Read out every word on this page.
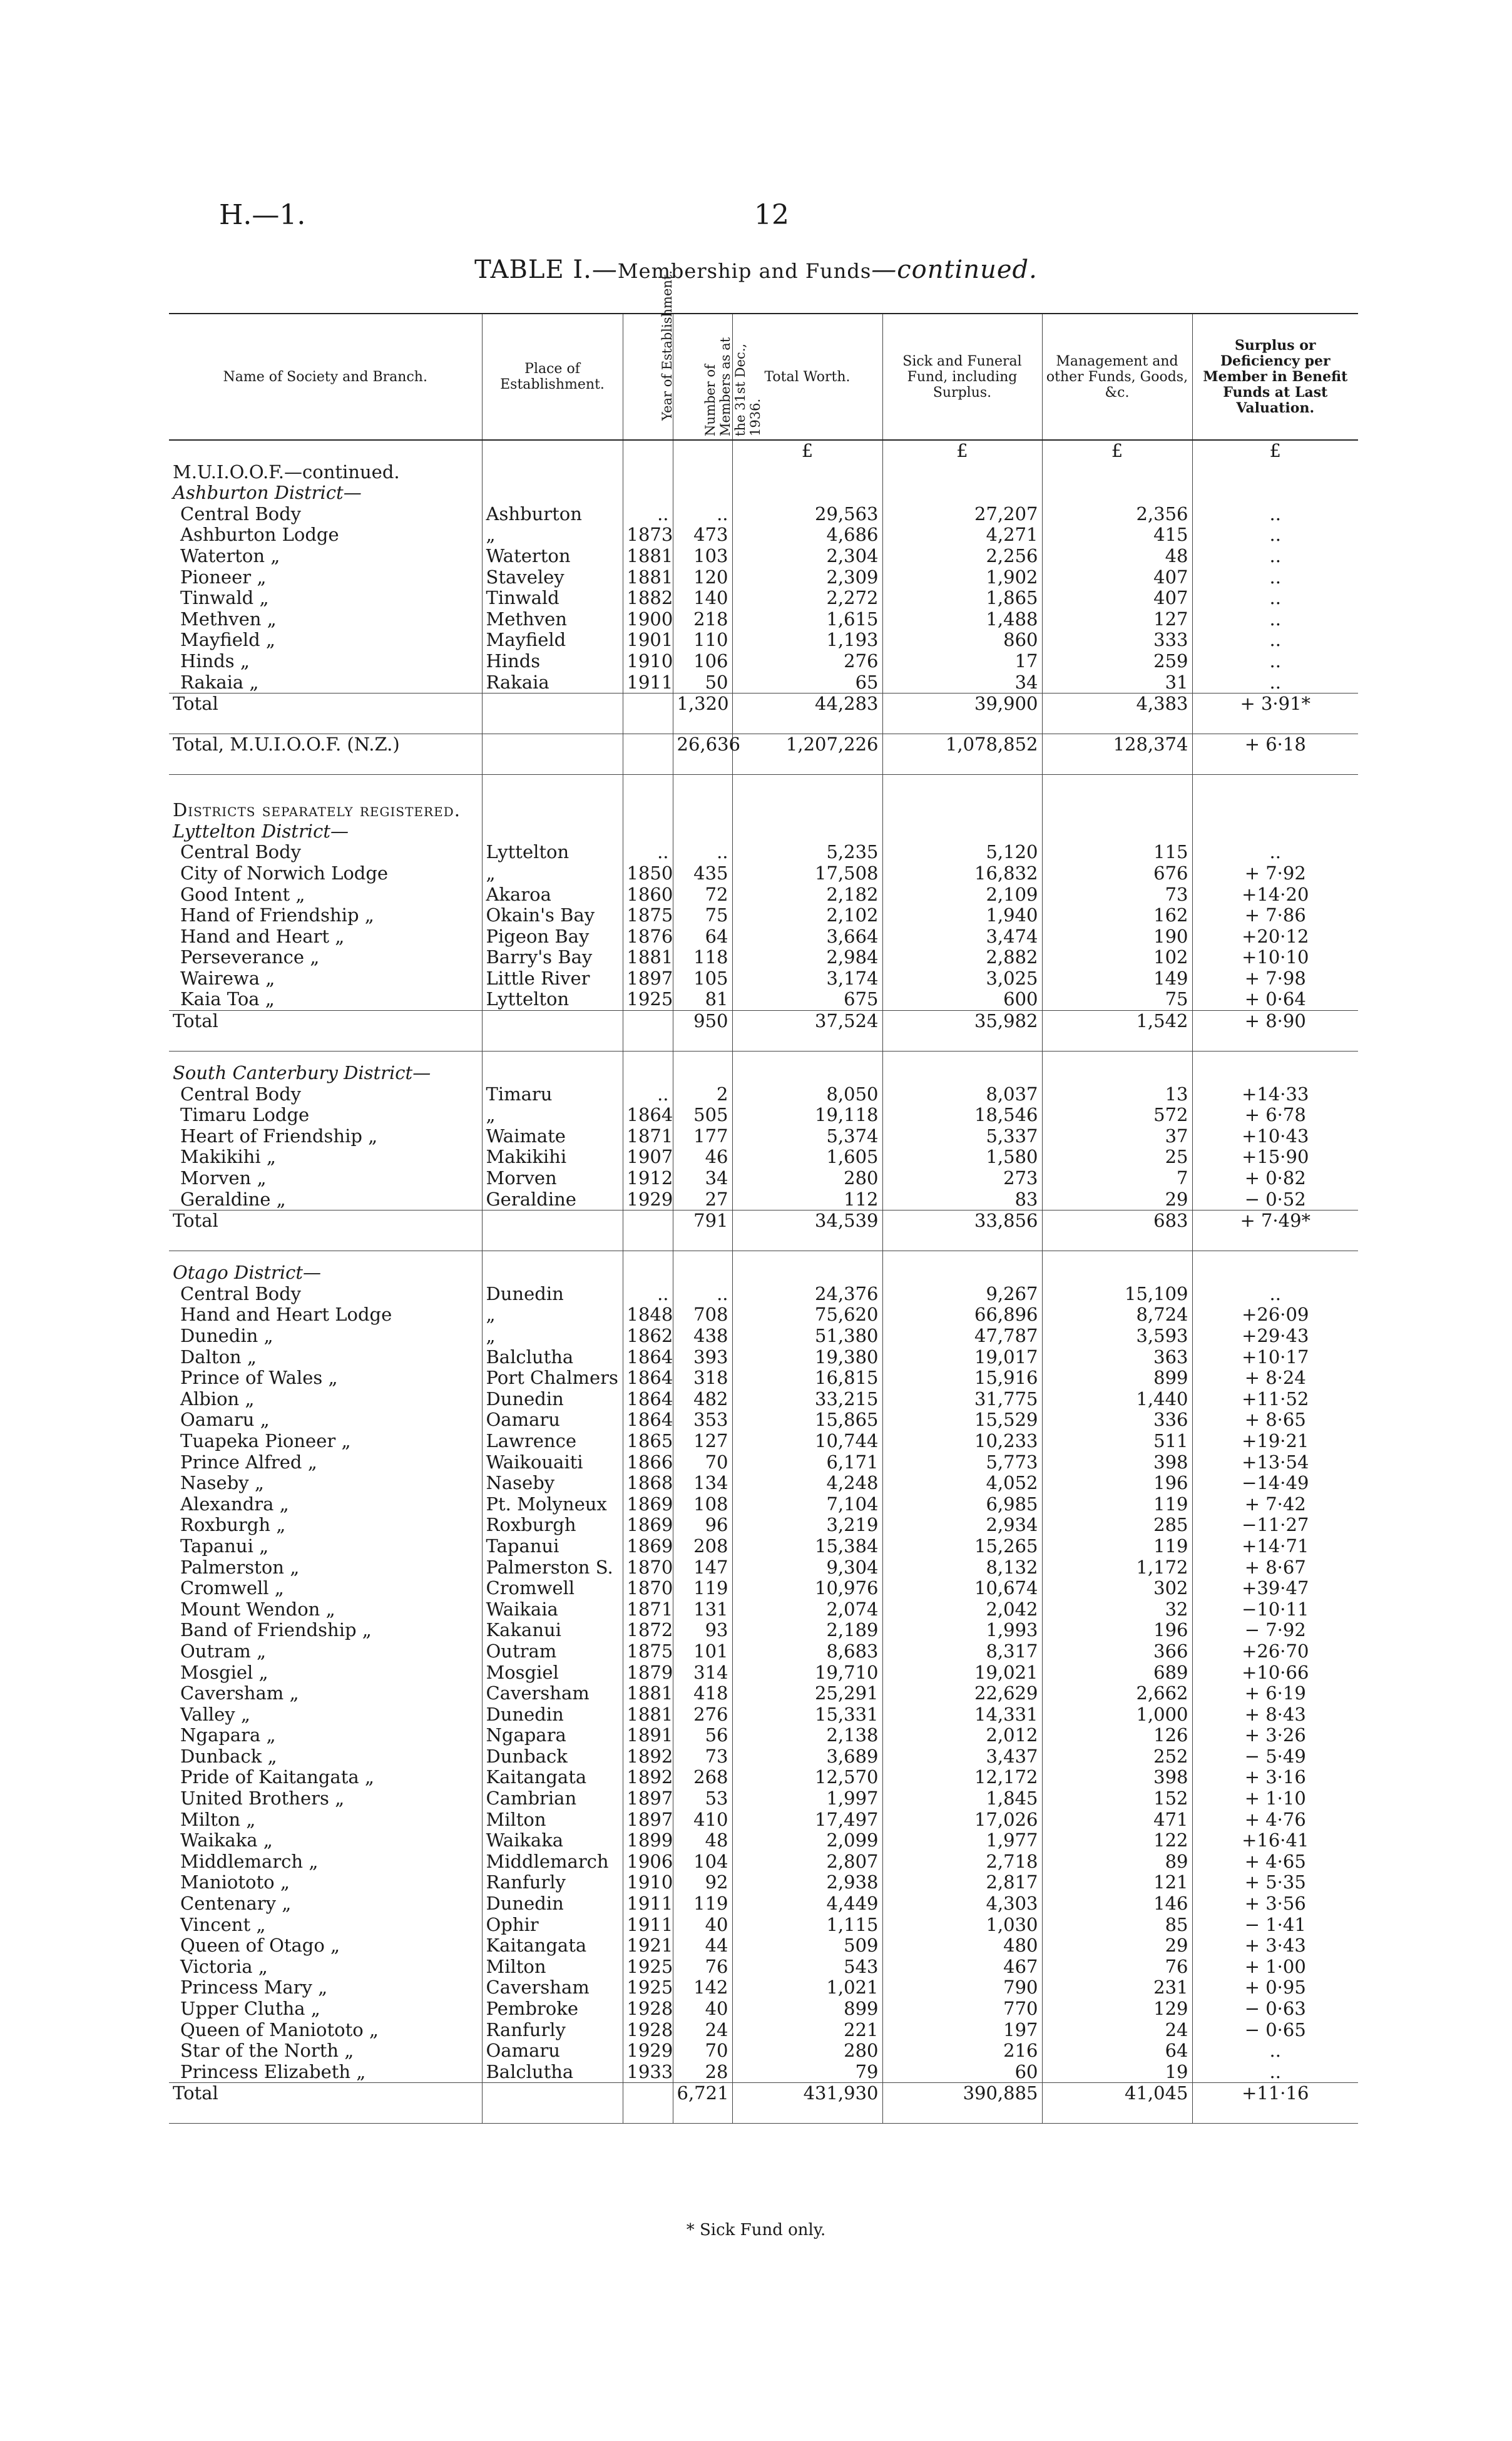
H.—1.	12
TABLE I.—Membership and Funds—continued.
Name of Society and Branch.	Place of Establishment.	Year of Establishment.	Number of Members as at the 31st Dec., 1936.	Total Worth.	Sick and Funeral Fund, including Surplus.	Management and other Funds, Goods, &c.	Surplus or Deficiency per Member in Benefit Funds at Last Valuation.
				£	£	£	£
M.U.I.O.O.F.—continued.							
Ashburton District—							
Central Body	Ashburton	..	..	29,563	27,207	2,356	..
Ashburton Lodge	„	1873	473	4,686	4,271	415	..
Waterton „	Waterton	1881	103	2,304	2,256	48	..
Pioneer „	Staveley	1881	120	2,309	1,902	407	..
Tinwald „	Tinwald	1882	140	2,272	1,865	407	..
Methven „	Methven	1900	218	1,615	1,488	127	..
Mayfield „	Mayfield	1901	110	1,193	860	333	..
Hinds „	Hinds	1910	106	276	17	259	..
Rakaia „	Rakaia	1911	50	65	34	31	..
Total			1,320	44,283	39,900	4,383	+ 3·91*
Total, M.U.I.O.O.F. (N.Z.)			26,636	1,207,226	1,078,852	128,374	+ 6·18

Districts separately registered.							
Lyttelton District—							
Central Body	Lyttelton	..	..	5,235	5,120	115	..
City of Norwich Lodge	„	1850	435	17,508	16,832	676	+ 7·92
Good Intent „	Akaroa	1860	72	2,182	2,109	73	+14·20
Hand of Friendship „	Okain's Bay	1875	75	2,102	1,940	162	+ 7·86
Hand and Heart „	Pigeon Bay	1876	64	3,664	3,474	190	+20·12
Perseverance „	Barry's Bay	1881	118	2,984	2,882	102	+10·10
Wairewa „	Little River	1897	105	3,174	3,025	149	+ 7·98
Kaia Toa „	Lyttelton	1925	81	675	600	75	+ 0·64
Total			950	37,524	35,982	1,542	+ 8·90

South Canterbury District—							
Central Body	Timaru	..	2	8,050	8,037	13	+14·33
Timaru Lodge	„	1864	505	19,118	18,546	572	+ 6·78
Heart of Friendship „	Waimate	1871	177	5,374	5,337	37	+10·43
Makikihi „	Makikihi	1907	46	1,605	1,580	25	+15·90
Morven „	Morven	1912	34	280	273	7	+ 0·82
Geraldine „	Geraldine	1929	27	112	83	29	− 0·52
Total			791	34,539	33,856	683	+ 7·49*

Otago District—							
Central Body	Dunedin	..	..	24,376	9,267	15,109	..
Hand and Heart Lodge	„	1848	708	75,620	66,896	8,724	+26·09
Dunedin „	„	1862	438	51,380	47,787	3,593	+29·43
Dalton „	Balclutha	1864	393	19,380	19,017	363	+10·17
Prince of Wales „	Port Chalmers	1864	318	16,815	15,916	899	+ 8·24
Albion „	Dunedin	1864	482	33,215	31,775	1,440	+11·52
Oamaru „	Oamaru	1864	353	15,865	15,529	336	+ 8·65
Tuapeka Pioneer „	Lawrence	1865	127	10,744	10,233	511	+19·21
Prince Alfred „	Waikouaiti	1866	70	6,171	5,773	398	+13·54
Naseby „	Naseby	1868	134	4,248	4,052	196	−14·49
Alexandra „	Pt. Molyneux	1869	108	7,104	6,985	119	+ 7·42
Roxburgh „	Roxburgh	1869	96	3,219	2,934	285	−11·27
Tapanui „	Tapanui	1869	208	15,384	15,265	119	+14·71
Palmerston „	Palmerston S.	1870	147	9,304	8,132	1,172	+ 8·67
Cromwell „	Cromwell	1870	119	10,976	10,674	302	+39·47
Mount Wendon „	Waikaia	1871	131	2,074	2,042	32	−10·11
Band of Friendship „	Kakanui	1872	93	2,189	1,993	196	− 7·92
Outram „	Outram	1875	101	8,683	8,317	366	+26·70
Mosgiel „	Mosgiel	1879	314	19,710	19,021	689	+10·66
Caversham „	Caversham	1881	418	25,291	22,629	2,662	+ 6·19
Valley „	Dunedin	1881	276	15,331	14,331	1,000	+ 8·43
Ngapara „	Ngapara	1891	56	2,138	2,012	126	+ 3·26
Dunback „	Dunback	1892	73	3,689	3,437	252	− 5·49
Pride of Kaitangata „	Kaitangata	1892	268	12,570	12,172	398	+ 3·16
United Brothers „	Cambrian	1897	53	1,997	1,845	152	+ 1·10
Milton „	Milton	1897	410	17,497	17,026	471	+ 4·76
Waikaka „	Waikaka	1899	48	2,099	1,977	122	+16·41
Middlemarch „	Middlemarch	1906	104	2,807	2,718	89	+ 4·65
Maniototo „	Ranfurly	1910	92	2,938	2,817	121	+ 5·35
Centenary „	Dunedin	1911	119	4,449	4,303	146	+ 3·56
Vincent „	Ophir	1911	40	1,115	1,030	85	− 1·41
Queen of Otago „	Kaitangata	1921	44	509	480	29	+ 3·43
Victoria „	Milton	1925	76	543	467	76	+ 1·00
Princess Mary „	Caversham	1925	142	1,021	790	231	+ 0·95
Upper Clutha „	Pembroke	1928	40	899	770	129	− 0·63
Queen of Maniototo „	Ranfurly	1928	24	221	197	24	− 0·65
Star of the North „	Oamaru	1929	70	280	216	64	..
Princess Elizabeth „	Balclutha	1933	28	79	60	19	..
Total			6,721	431,930	390,885	41,045	+11·16
* Sick Fund only.
